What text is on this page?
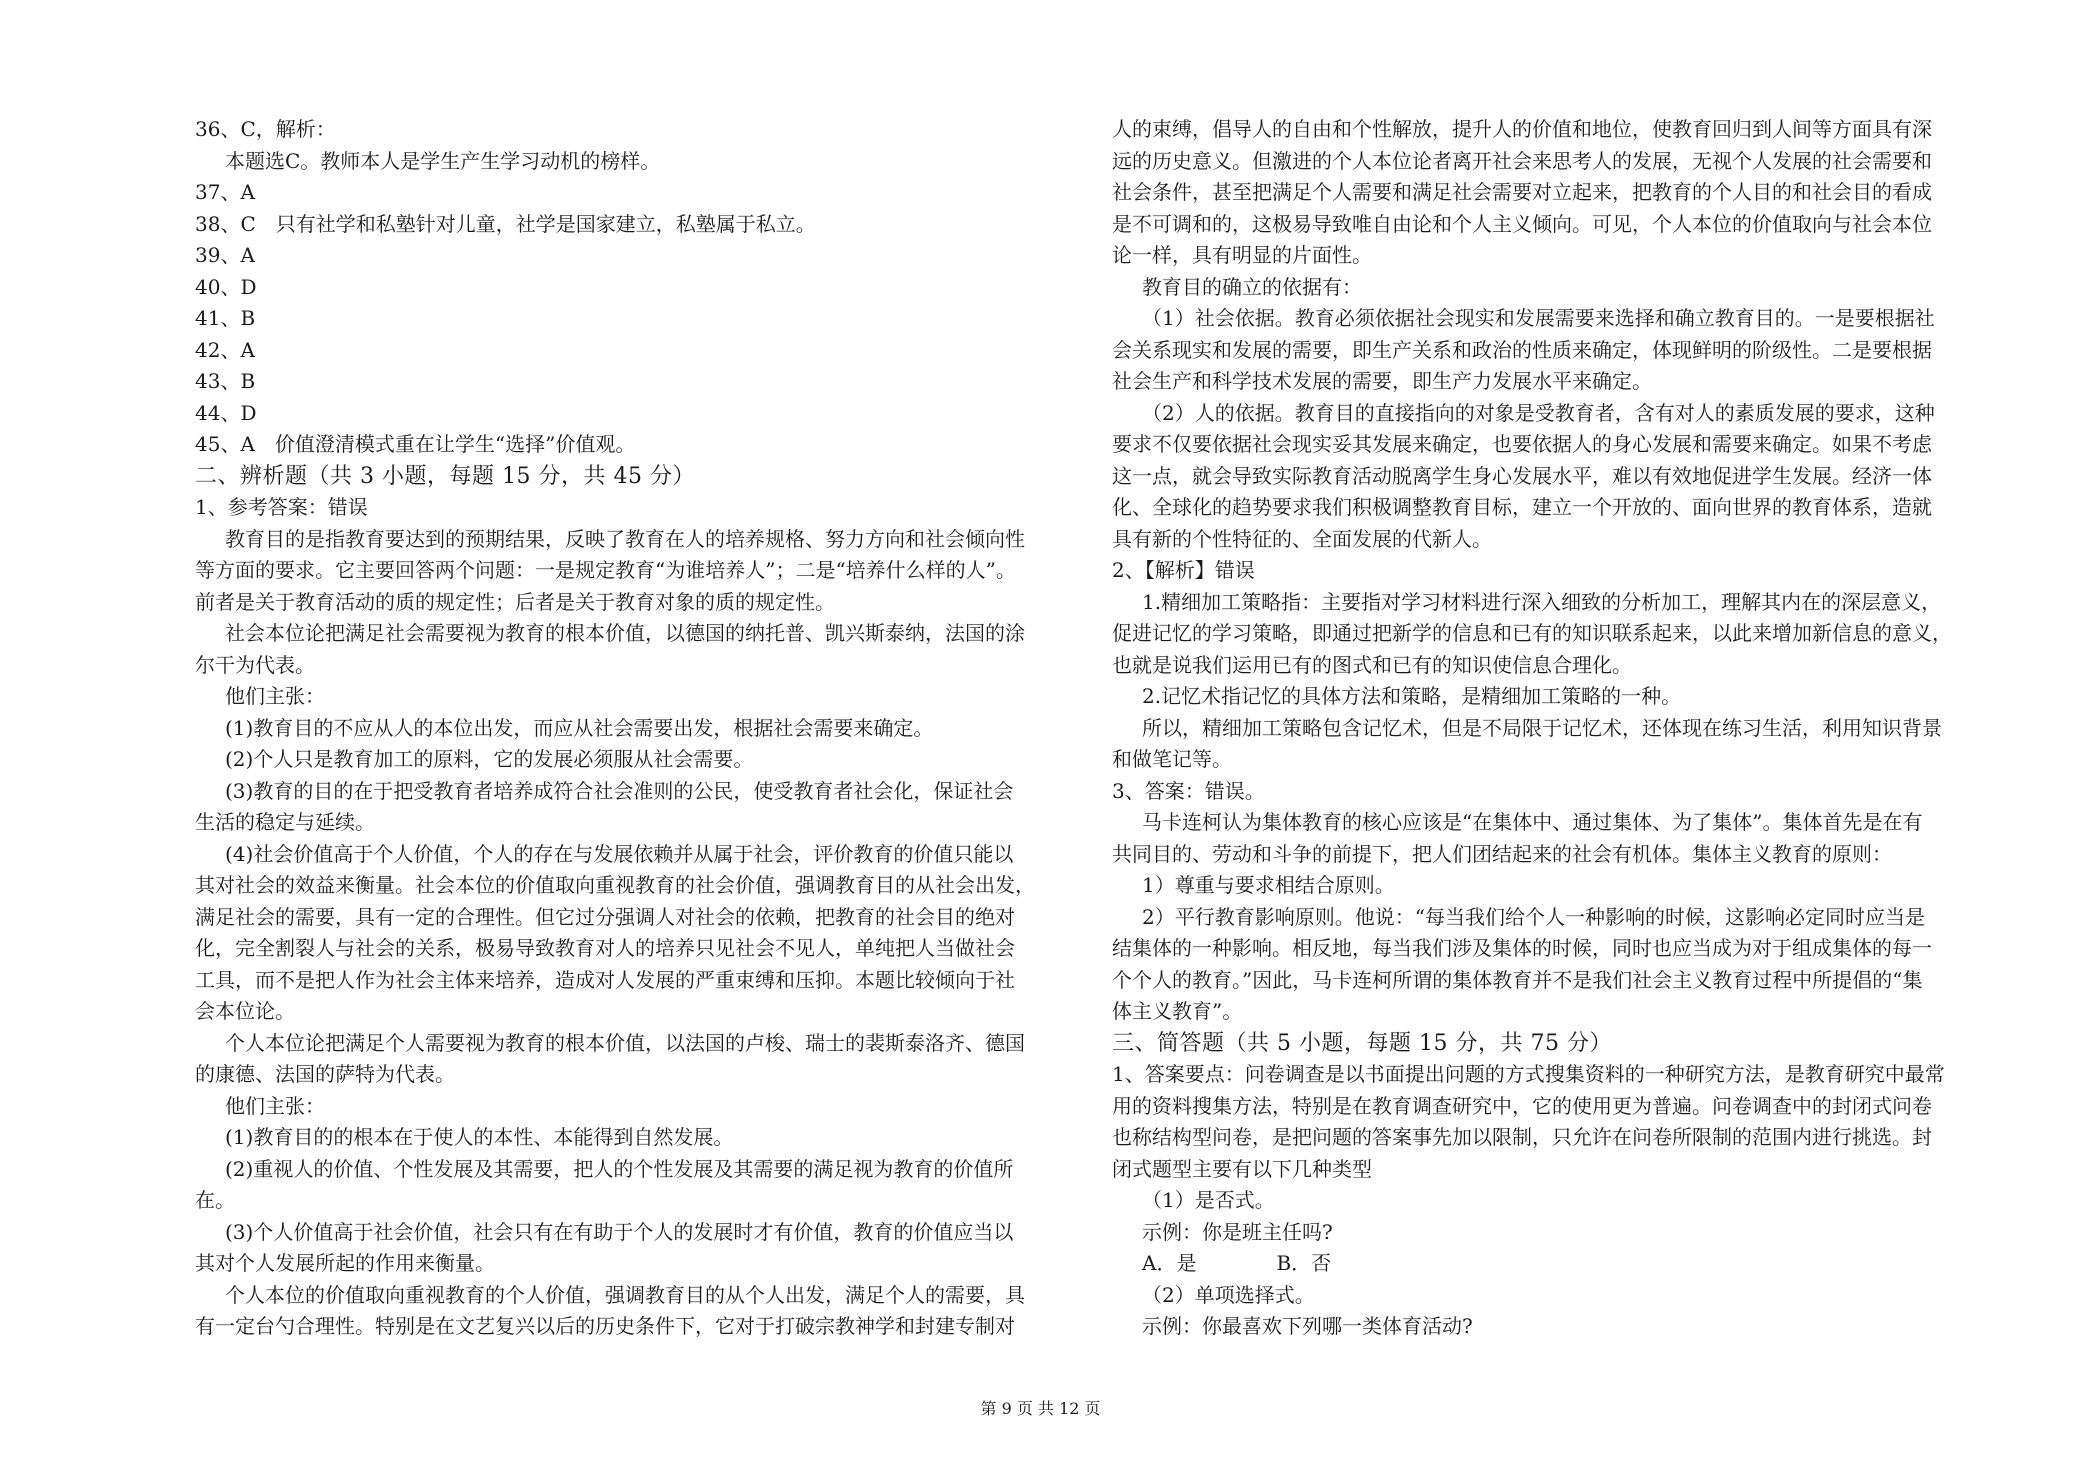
36、C，解析：
本题选C。教师本人是学生产生学习动机的榜样。
37、A
38、C　只有社学和私塾针对儿童，社学是国家建立，私塾属于私立。
39、A
40、D
41、B
42、A
43、B
44、D
45、A　价值澄清模式重在让学生“选择”价值观。
二、辨析题（共 3 小题，每题 15 分，共 45 分）
1、参考答案：错误
教育目的是指教育要达到的预期结果，反映了教育在人的培养规格、努力方向和社会倾向性
等方面的要求。它主要回答两个问题：一是规定教育“为谁培养人”；二是“培养什么样的人”。
前者是关于教育活动的质的规定性；后者是关于教育对象的质的规定性。
社会本位论把满足社会需要视为教育的根本价值，以德国的纳托普、凯兴斯泰纳，法国的涂
尔干为代表。
他们主张：
(1)教育目的不应从人的本位出发，而应从社会需要出发，根据社会需要来确定。
(2)个人只是教育加工的原料，它的发展必须服从社会需要。
(3)教育的目的在于把受教育者培养成符合社会准则的公民，使受教育者社会化，保证社会
生活的稳定与延续。
(4)社会价值高于个人价值，个人的存在与发展依赖并从属于社会，评价教育的价值只能以
其对社会的效益来衡量。社会本位的价值取向重视教育的社会价值，强调教育目的从社会出发，
满足社会的需要，具有一定的合理性。但它过分强调人对社会的依赖，把教育的社会目的绝对
化，完全割裂人与社会的关系，极易导致教育对人的培养只见社会不见人，单纯把人当做社会
工具，而不是把人作为社会主体来培养，造成对人发展的严重束缚和压抑。本题比较倾向于社
会本位论。
个人本位论把满足个人需要视为教育的根本价值，以法国的卢梭、瑞士的裴斯泰洛齐、德国
的康德、法国的萨特为代表。
他们主张：
(1)教育目的的根本在于使人的本性、本能得到自然发展。
(2)重视人的价值、个性发展及其需要，把人的个性发展及其需要的满足视为教育的价值所
在。
(3)个人价值高于社会价值，社会只有在有助于个人的发展时才有价值，教育的价值应当以
其对个人发展所起的作用来衡量。
个人本位的价值取向重视教育的个人价值，强调教育目的从个人出发，满足个人的需要，具
有一定台勺合理性。特别是在文艺复兴以后的历史条件下，它对于打破宗教神学和封建专制对
人的束缚，倡导人的自由和个性解放，提升人的价值和地位，使教育回归到人间等方面具有深
远的历史意义。但激进的个人本位论者离开社会来思考人的发展，无视个人发展的社会需要和
社会条件，甚至把满足个人需要和满足社会需要对立起来，把教育的个人目的和社会目的看成
是不可调和的，这极易导致唯自由论和个人主义倾向。可见，个人本位的价值取向与社会本位
论一样，具有明显的片面性。
教育目的确立的依据有：
（1）社会依据。教育必须依据社会现实和发展需要来选择和确立教育目的。一是要根据社
会关系现实和发展的需要，即生产关系和政治的性质来确定，体现鲜明的阶级性。二是要根据
社会生产和科学技术发展的需要，即生产力发展水平来确定。
（2）人的依据。教育目的直接指向的对象是受教育者，含有对人的素质发展的要求，这种
要求不仅要依据社会现实妥其发展来确定，也要依据人的身心发展和需要来确定。如果不考虑
这一点，就会导致实际教育活动脱离学生身心发展水平，难以有效地促进学生发展。经济一体
化、全球化的趋势要求我们积极调整教育目标，建立一个开放的、面向世界的教育体系，造就
具有新的个性特征的、全面发展的代新人。
2、【解析】错误
1.精细加工策略指：主要指对学习材料进行深入细致的分析加工，理解其内在的深层意义，
促进记忆的学习策略，即通过把新学的信息和已有的知识联系起来，以此来增加新信息的意义，
也就是说我们运用已有的图式和已有的知识使信息合理化。
2.记忆术指记忆的具体方法和策略，是精细加工策略的一种。
所以，精细加工策略包含记忆术，但是不局限于记忆术，还体现在练习生活，利用知识背景
和做笔记等。
3、答案：错误。
马卡连柯认为集体教育的核心应该是“在集体中、通过集体、为了集体”。集体首先是在有
共同目的、劳动和斗争的前提下，把人们团结起来的社会有机体。集体主义教育的原则：
1）尊重与要求相结合原则。
2）平行教育影响原则。他说：“每当我们给个人一种影响的时候，这影响必定同时应当是
结集体的一种影响。相反地，每当我们涉及集体的时候，同时也应当成为对于组成集体的每一
个个人的教育。”因此，马卡连柯所谓的集体教育并不是我们社会主义教育过程中所提倡的“集
体主义教育”。
三、简答题（共 5 小题，每题 15 分，共 75 分）
1、答案要点：问卷调查是以书面提出问题的方式搜集资料的一种研究方法，是教育研究中最常
用的资料搜集方法，特别是在教育调查研究中，它的使用更为普遍。问卷调查中的封闭式问卷
也称结构型问卷，是把问题的答案事先加以限制，只允许在问卷所限制的范围内进行挑选。封
闭式题型主要有以下几种类型
（1）是否式。
示例：你是班主任吗?
A．是　　　　B．否
（2）单项选择式。
示例：你最喜欢下列哪一类体育活动?
第 9 页 共 12 页
